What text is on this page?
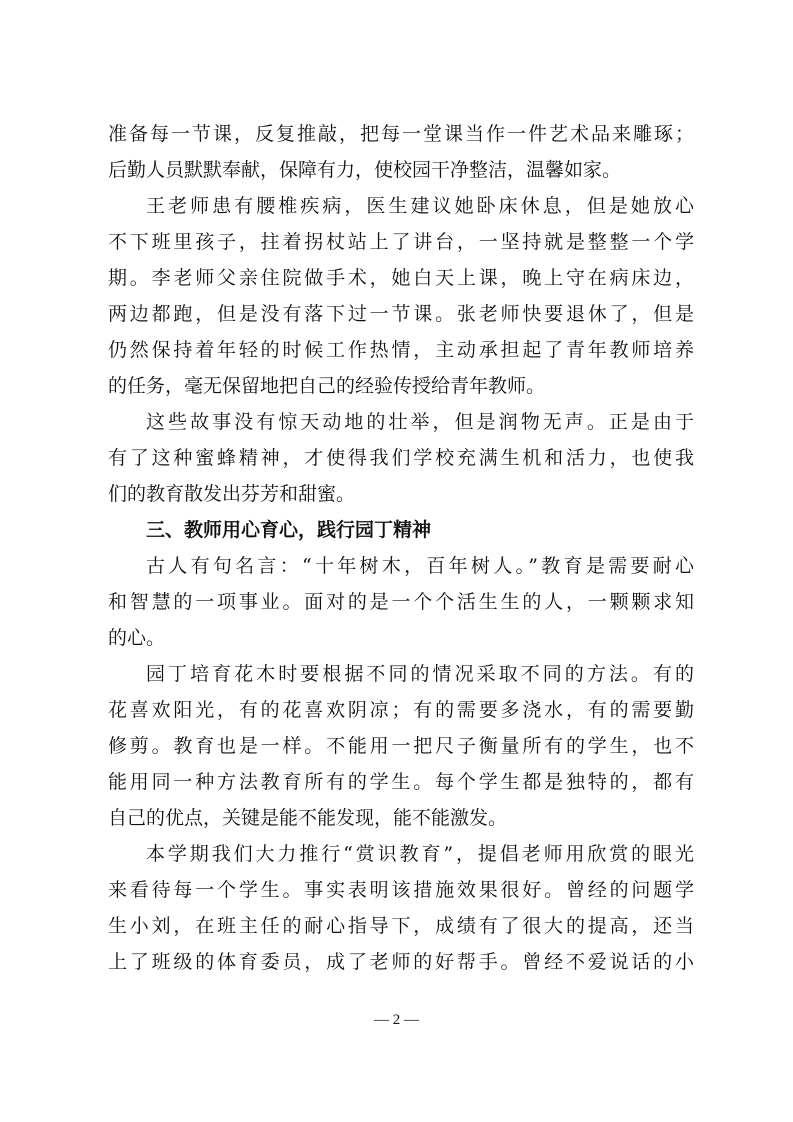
准备每一节课，反复推敲，把每一堂课当作一件艺术品来雕琢；
后勤人员默默奉献，保障有力，使校园干净整洁，温馨如家。
王老师患有腰椎疾病，医生建议她卧床休息，但是她放心
不下班里孩子，拄着拐杖站上了讲台，一坚持就是整整一个学
期。李老师父亲住院做手术，她白天上课，晚上守在病床边，
两边都跑，但是没有落下过一节课。张老师快要退休了，但是
仍然保持着年轻的时候工作热情，主动承担起了青年教师培养
的任务，毫无保留地把自己的经验传授给青年教师。
这些故事没有惊天动地的壮举，但是润物无声。正是由于
有了这种蜜蜂精神，才使得我们学校充满生机和活力，也使我
们的教育散发出芬芳和甜蜜。
三、教师用心育心，践行园丁精神
古人有句名言：“十年树木，百年树人。”教育是需要耐心
和智慧的一项事业。面对的是一个个活生生的人，一颗颗求知
的心。
园丁培育花木时要根据不同的情况采取不同的方法。有的
花喜欢阳光，有的花喜欢阴凉；有的需要多浇水，有的需要勤
修剪。教育也是一样。不能用一把尺子衡量所有的学生，也不
能用同一种方法教育所有的学生。每个学生都是独特的，都有
自己的优点，关键是能不能发现，能不能激发。
本学期我们大力推行“赏识教育”，提倡老师用欣赏的眼光
来看待每一个学生。事实表明该措施效果很好。曾经的问题学
生小刘，在班主任的耐心指导下，成绩有了很大的提高，还当
上了班级的体育委员，成了老师的好帮手。曾经不爱说话的小
— 2 —
